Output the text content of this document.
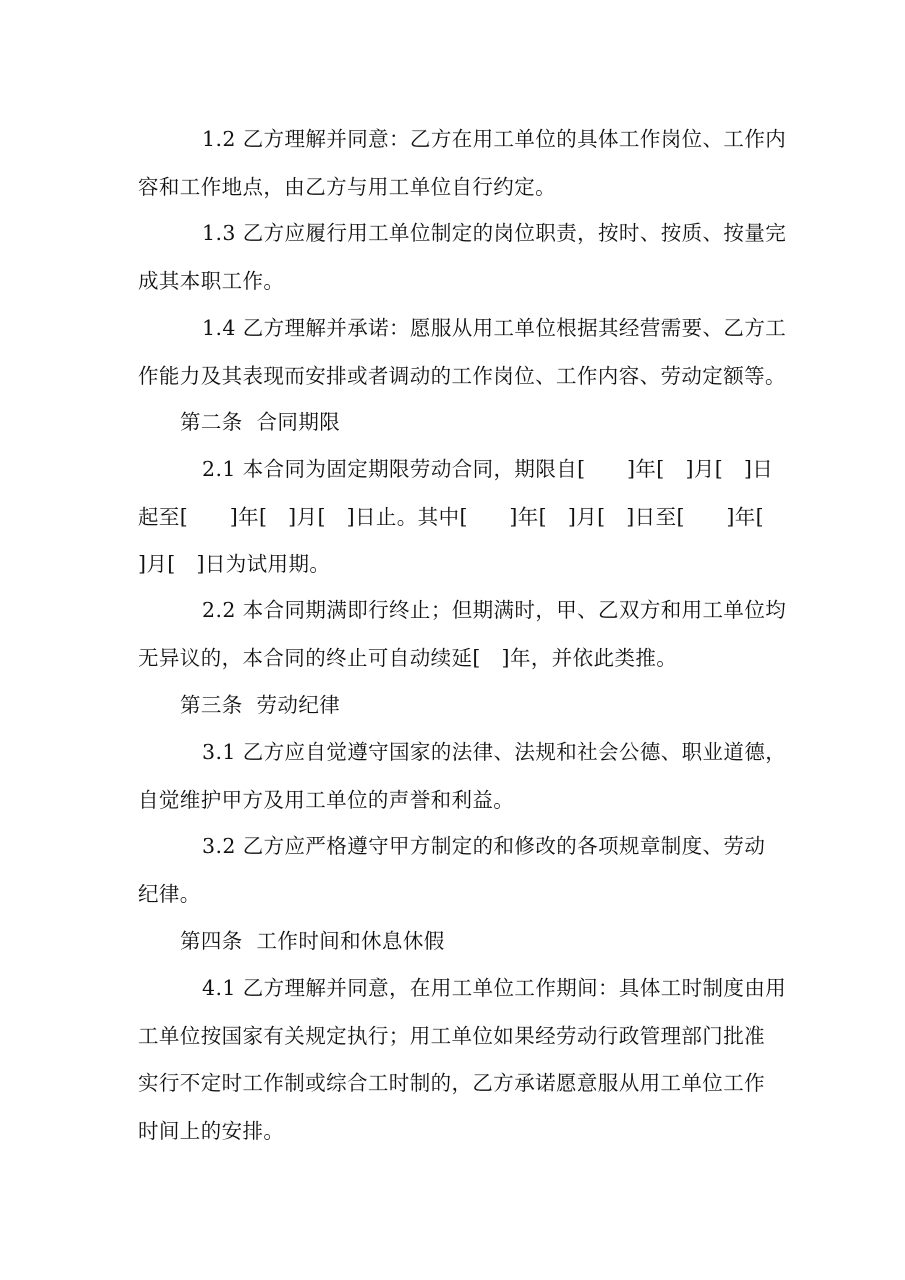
1.2 乙方理解并同意：乙方在用工单位的具体工作岗位、工作内
容和工作地点，由乙方与用工单位自行约定。
1.3 乙方应履行用工单位制定的岗位职责，按时、按质、按量完
成其本职工作。
1.4 乙方理解并承诺：愿服从用工单位根据其经营需要、乙方工
作能力及其表现而安排或者调动的工作岗位、工作内容、劳动定额等。
第二条  合同期限
2.1 本合同为固定期限劳动合同，期限自[      ]年[   ]月[   ]日
起至[      ]年[   ]月[   ]日止。其中[      ]年[   ]月[   ]日至[      ]年[
]月[   ]日为试用期。
2.2 本合同期满即行终止；但期满时，甲、乙双方和用工单位均
无异议的，本合同的终止可自动续延[   ]年，并依此类推。
第三条  劳动纪律
3.1 乙方应自觉遵守国家的法律、法规和社会公德、职业道德，
自觉维护甲方及用工单位的声誉和利益。
3.2 乙方应严格遵守甲方制定的和修改的各项规章制度、劳动
纪律。
第四条  工作时间和休息休假
4.1 乙方理解并同意，在用工单位工作期间：具体工时制度由用
工单位按国家有关规定执行；用工单位如果经劳动行政管理部门批准
实行不定时工作制或综合工时制的，乙方承诺愿意服从用工单位工作
时间上的安排。
